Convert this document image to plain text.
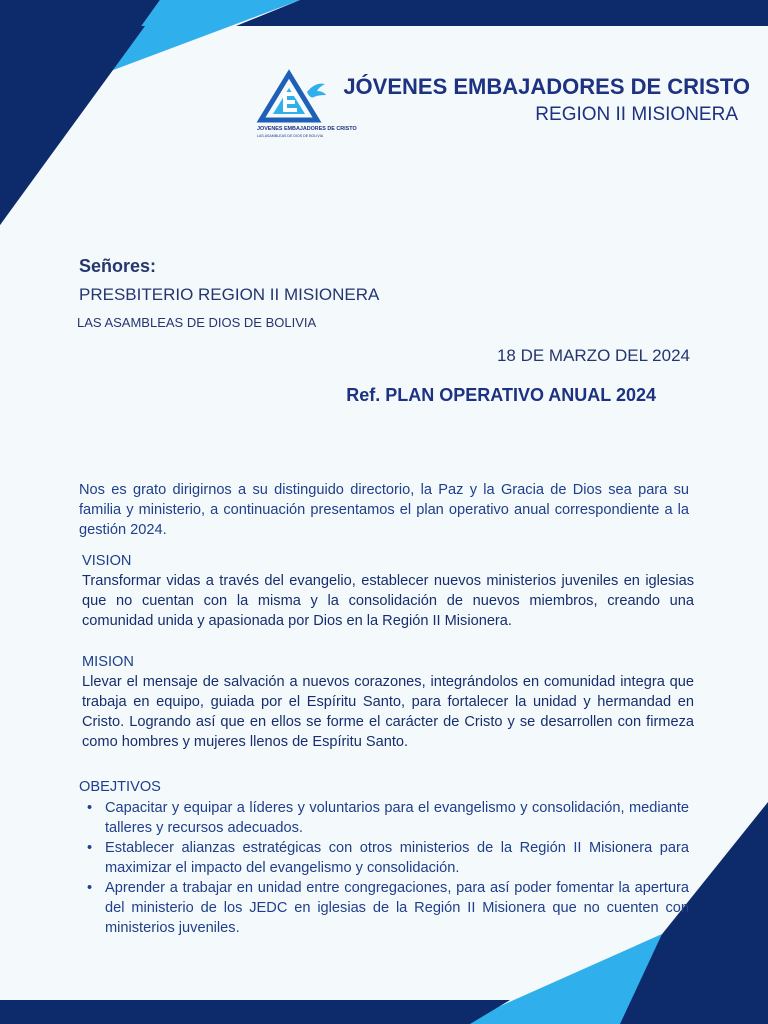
JOVENES EMBAJADORES DE CRISTO
LAS ASAMBLEAS DE DIOS DE BOLIVIA
JÓVENES EMBAJADORES DE CRISTO
REGION II MISIONERA
Señores:
PRESBITERIO REGION II MISIONERA
LAS ASAMBLEAS DE DIOS DE BOLIVIA
18 DE MARZO DEL 2024
Ref. PLAN OPERATIVO ANUAL 2024
Nos es grato dirigirnos a su distinguido directorio, la Paz y la Gracia de Dios sea para su familia y ministerio, a continuación presentamos el plan operativo anual correspondiente a la gestión 2024.
VISION
Transformar vidas a través del evangelio, establecer nuevos ministerios juveniles en iglesias que no cuentan con la misma y la consolidación de nuevos miembros, creando una comunidad unida y apasionada por Dios en la Región II Misionera.
MISION
Llevar el mensaje de salvación a nuevos corazones, integrándolos en comunidad integra que trabaja en equipo, guiada por el Espíritu Santo, para fortalecer la unidad y hermandad en Cristo. Logrando así que en ellos se forme el carácter de Cristo y se desarrollen con firmeza como hombres y mujeres llenos de Espíritu Santo.
OBEJTIVOS
• Capacitar y equipar a líderes y voluntarios para el evangelismo y consolidación, mediante talleres y recursos adecuados.
• Establecer alianzas estratégicas con otros ministerios de la Región II Misionera para maximizar el impacto del evangelismo y consolidación.
• Aprender a trabajar en unidad entre congregaciones, para así poder fomentar la apertura del ministerio de los JEDC en iglesias de la Región II Misionera que no cuenten con ministerios juveniles.
